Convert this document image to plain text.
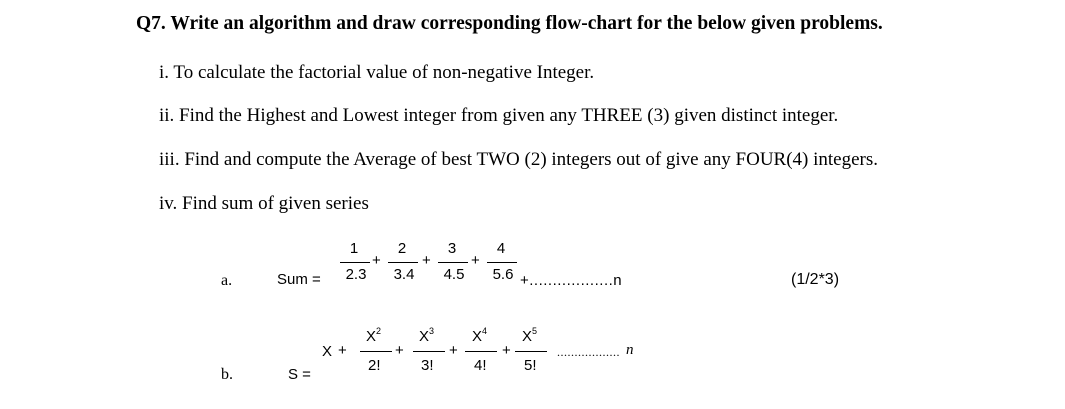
Q7. Write an algorithm and draw corresponding flow-chart for the below given problems.
i. To calculate the factorial value of non-negative Integer.
ii. Find the Highest and Lowest integer from given any THREE (3) given distinct integer.
iii. Find and compute the Average of best TWO (2) integers out of give any FOUR(4) integers.
iv. Find sum of given series
a.	Sum =
1
2.3
+
2
3.4
+
3
4.5
+
4
5.6 +..................n	(1/2*3)
b.	S =
X +
$X^2$
2!
+
$X^3$
3!
+
$X^4$
4!
+
$X^5$
5!
.................. n
